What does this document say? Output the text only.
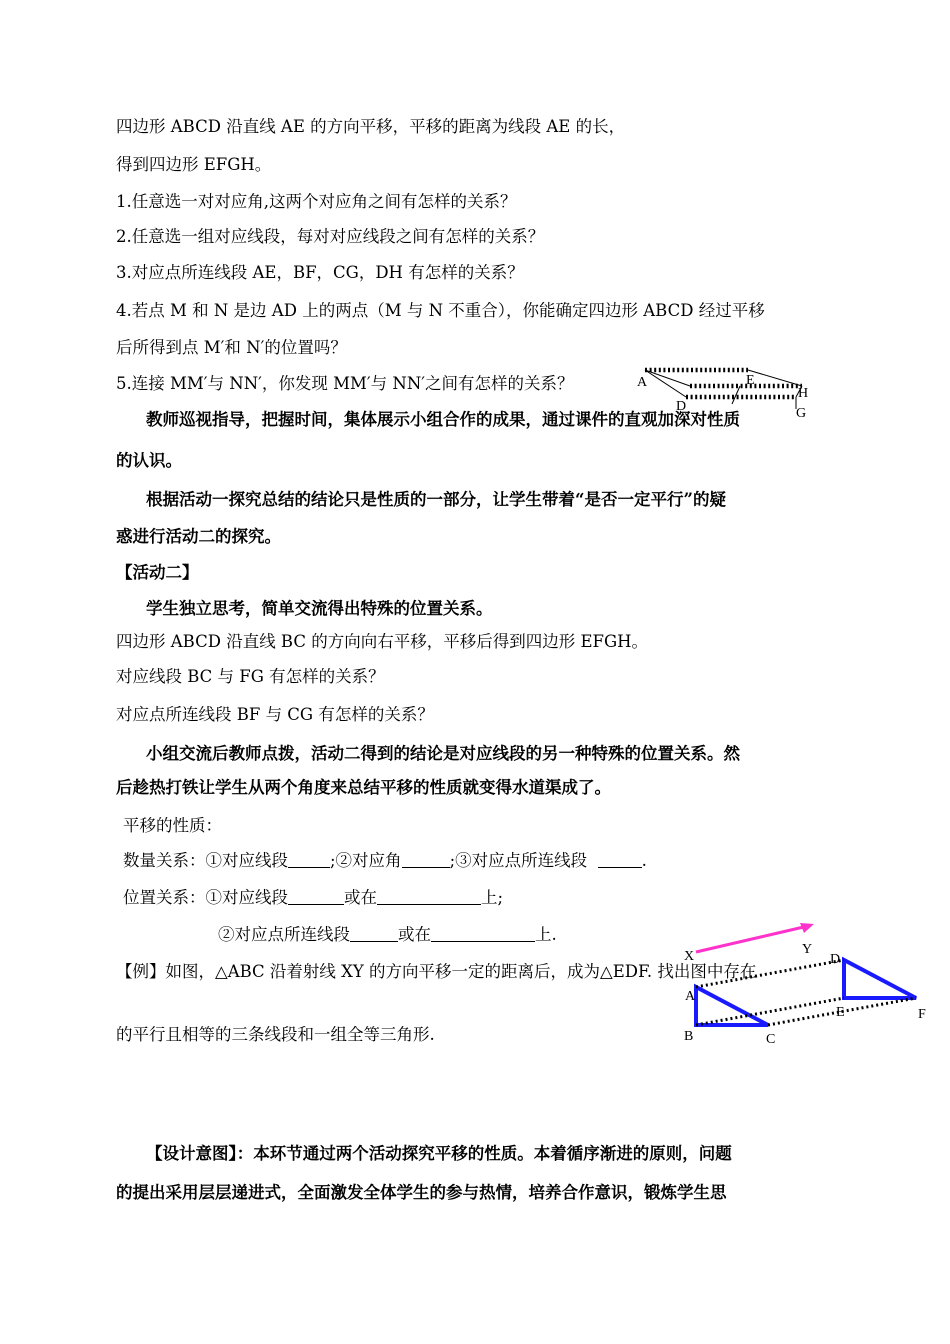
四边形 ABCD 沿直线 AE 的方向平移，平移的距离为线段 AE 的长，
得到四边形 EFGH。
1.任意选一对对应角,这两个对应角之间有怎样的关系？
2.任意选一组对应线段，每对对应线段之间有怎样的关系？
3.对应点所连线段 AE，BF，CG，DH 有怎样的关系？
4.若点 M 和 N 是边 AD 上的两点（M 与 N 不重合），你能确定四边形 ABCD 经过平移
后所得到点 M′和 N′的位置吗？
5.连接 MM′与 NN′，你发现 MM′与 NN′之间有怎样的关系？	A	E
H
D	G
教师巡视指导，把握时间，集体展示小组合作的成果，通过课件的直观加深对性质
的认识。
根据活动一探究总结的结论只是性质的一部分，让学生带着“是否一定平行”的疑
惑进行活动二的探究。
【活动二】
学生独立思考，简单交流得出特殊的位置关系。
四边形 ABCD 沿直线 BC 的方向向右平移，平移后得到四边形 EFGH。
对应线段 BC 与 FG 有怎样的关系？
对应点所连线段 BF 与 CG 有怎样的关系？
小组交流后教师点拨，活动二得到的结论是对应线段的另一种特殊的位置关系。然
后趁热打铁让学生从两个角度来总结平移的性质就变得水道渠成了。
平移的性质：
数量关系：①对应线段	;②对应角	;③对应点所连线段	.
位置关系：①对应线段	或在	上;
②对应点所连线段	或在	上.
【例】如图，△ABC 沿着射线 XY 的方向平移一定的距离后，成为△EDF. 找出图中存在
的平行且相等的三条线段和一组全等三角形.
Y
D
X
A
E	F
B	C
【设计意图】：本环节通过两个活动探究平移的性质。本着循序渐进的原则，问题
的提出采用层层递进式，全面激发全体学生的参与热情，培养合作意识，锻炼学生思
